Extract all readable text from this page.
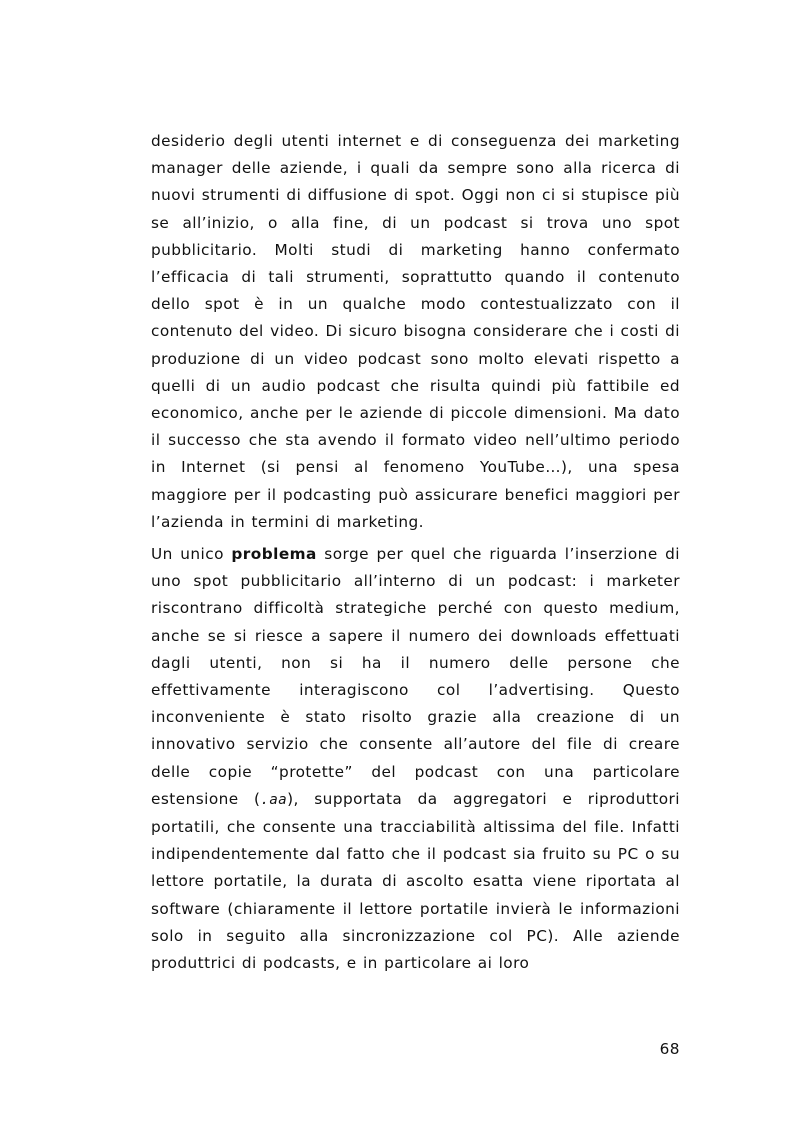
desiderio degli utenti internet e di conseguenza dei marketing manager delle aziende, i quali da sempre sono alla ricerca di nuovi strumenti di diffusione di spot. Oggi non ci si stupisce più se all’inizio, o alla fine, di un podcast si trova uno spot pubblicitario. Molti studi di marketing hanno confermato l’efficacia di tali strumenti, soprattutto quando il contenuto dello spot è in un qualche modo contestualizzato con il contenuto del video. Di sicuro bisogna considerare che i costi di produzione di un video podcast sono molto elevati rispetto a quelli di un audio podcast che risulta quindi più fattibile ed economico, anche per le aziende di piccole dimensioni. Ma dato il successo che sta avendo il formato video nell’ultimo periodo in Internet (si pensi al fenomeno YouTube…), una spesa maggiore per il podcasting può assicurare benefici maggiori per l’azienda in termini di marketing.

Un unico problema sorge per quel che riguarda l’inserzione di uno spot pubblicitario all’interno di un podcast: i marketer riscontrano difficoltà strategiche perché con questo medium, anche se si riesce a sapere il numero dei downloads effettuati dagli utenti, non si ha il numero delle persone che effettivamente interagiscono col l’advertising. Questo inconveniente è stato risolto grazie alla creazione di un innovativo servizio che consente all’autore del file di creare delle copie “protette” del podcast con una particolare estensione (.aa), supportata da aggregatori e riproduttori portatili, che consente una tracciabilità altissima del file. Infatti indipendentemente dal fatto che il podcast sia fruito su PC o su lettore portatile, la durata di ascolto esatta viene riportata al software (chiaramente il lettore portatile invierà le informazioni solo in seguito alla sincronizzazione col PC). Alle aziende produttrici di podcasts, e in particolare ai loro

68
